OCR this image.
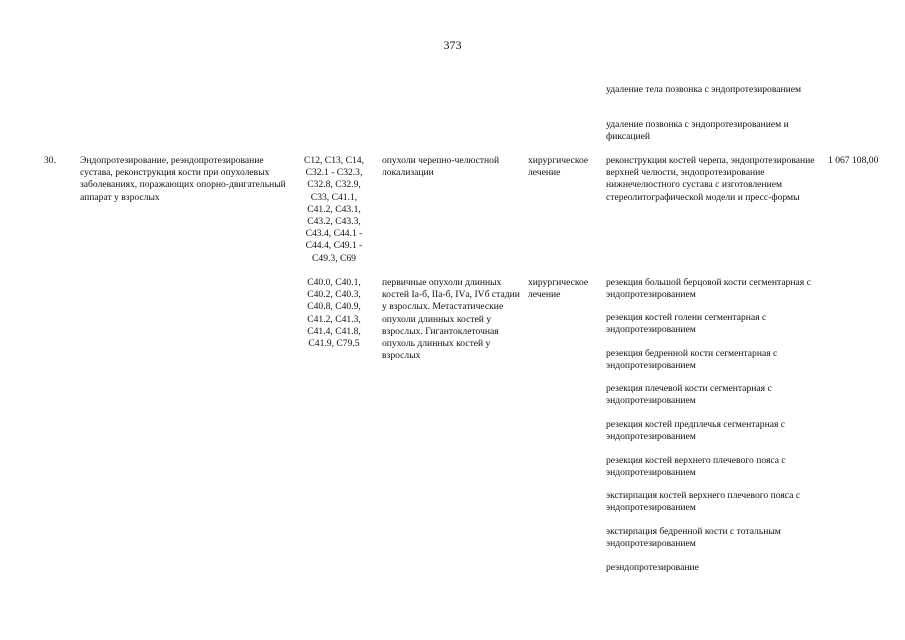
373
удаление тела позвонка с эндопротезированием
удаление позвонка с эндопротезированием и фиксацией
30.	Эндопротезирование, реэндопротезирование сустава, реконструкция кости при опухолевых заболеваниях, поражающих опорно-двигательный аппарат у взрослых
1 067 108,00
C12, C13, C14, C32.1 - C32.3, C32.8, C32.9, C33, C41.1, C41.2, C43.1, C43.2, C43.3, C43.4, C44.1 - C44.4, C49.1 - C49.3, C69
опухоли черепно-челюстной локализации
хирургическое лечение
реконструкция костей черепа, эндопротезирование верхней челюсти, эндопротезирование нижнечелюстного сустава с изготовлением стереолитографической модели и пресс-формы
C40.0, C40.1, C40.2, C40.3, C40.8, C40.9, C41.2, C41.3, C41.4, C41.8, C41.9, C79.5
первичные опухоли длинных костей Iа-б, IIа-б, IVа, IVб стадии у взрослых. Метастатические опухоли длинных костей у взрослых. Гигантоклеточная опухоль длинных костей у взрослых
хирургическое лечение
резекция большой берцовой кости сегментарная с эндопротезированием
резекция костей голени сегментарная с эндопротезированием
резекция бедренной кости сегментарная с эндопротезированием
резекция плечевой кости сегментарная с эндопротезированием
резекция костей предплечья сегментарная с эндопротезированием
резекция костей верхнего плечевого пояса с эндопротезированием
экстирпация костей верхнего плечевого пояса с эндопротезированием
экстирпация бедренной кости с тотальным эндопротезированием
реэндопротезирование
